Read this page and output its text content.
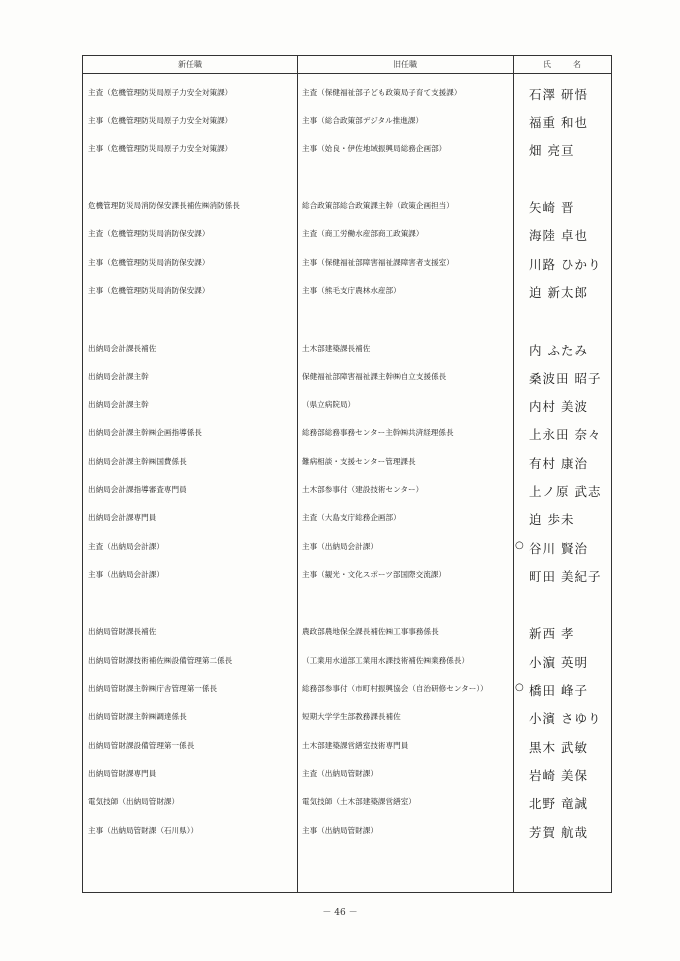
新任職	旧任職	氏名
主査（危機管理防災局原子力安全対策課）	主査（保健福祉部子ども政策局子育て支援課）	石澤 研悟
主事（危機管理防災局原子力安全対策課）	主事（総合政策部デジタル推進課）	福重 和也
主事（危機管理防災局原子力安全対策課）	主事（姶良・伊佐地域振興局総務企画部）	畑 亮亘
危機管理防災局消防保安課長補佐㈱消防係長	総合政策部総合政策課主幹（政策企画担当）	矢崎 晋
主査（危機管理防災局消防保安課）	主査（商工労働水産部商工政策課）	海陸 卓也
主事（危機管理防災局消防保安課）	主事（保健福祉部障害福祉課障害者支援室）	川路 ひかり
主事（危機管理防災局消防保安課）	主事（熊毛支庁農林水産部）	迫 新太郎
出納局会計課長補佐	土木部建築課長補佐	内 ふたみ
出納局会計課主幹	保健福祉部障害福祉課主幹㈱自立支援係長	桑波田 昭子
出納局会計課主幹	（県立病院局）	内村 美波
出納局会計課主幹㈱企画指導係長	総務部総務事務センター主幹㈱共済経理係長	上永田 奈々
出納局会計課主幹㈱国費係長	難病相談・支援センター管理課長	有村 康治
出納局会計課指導審査専門員	土木部参事付（建設技術センター）	上ノ原 武志
出納局会計課専門員	主査（大島支庁総務企画部）	迫 歩未
主査（出納局会計課）	主事（出納局会計課）	○ 谷川 賢治
主事（出納局会計課）	主事（観光・文化スポーツ部国際交流課）	町田 美紀子
出納局管財課長補佐	農政部農地保全課長補佐㈱工事事務係長	新西 孝
出納局管財課技術補佐㈱設備管理第二係長	（工業用水道部工業用水課技術補佐㈱業務係長）	小濵 英明
出納局管財課主幹㈱庁舎管理第一係長	総務部参事付（市町村振興協会（自治研修センター））	○ 橋田 峰子
出納局管財課主幹㈱調達係長	短期大学学生部教務課長補佐	小濱 さゆり
出納局管財課設備管理第一係長	土木部建築課営繕室技術専門員	黒木 武敏
出納局管財課専門員	主査（出納局管財課）	岩崎 美保
電気技師（出納局管財課）	電気技師（土木部建築課営繕室）	北野 竜誠
主事（出納局管財課（石川県））	主事（出納局管財課）	芳賀 航哉
－ 46 －
